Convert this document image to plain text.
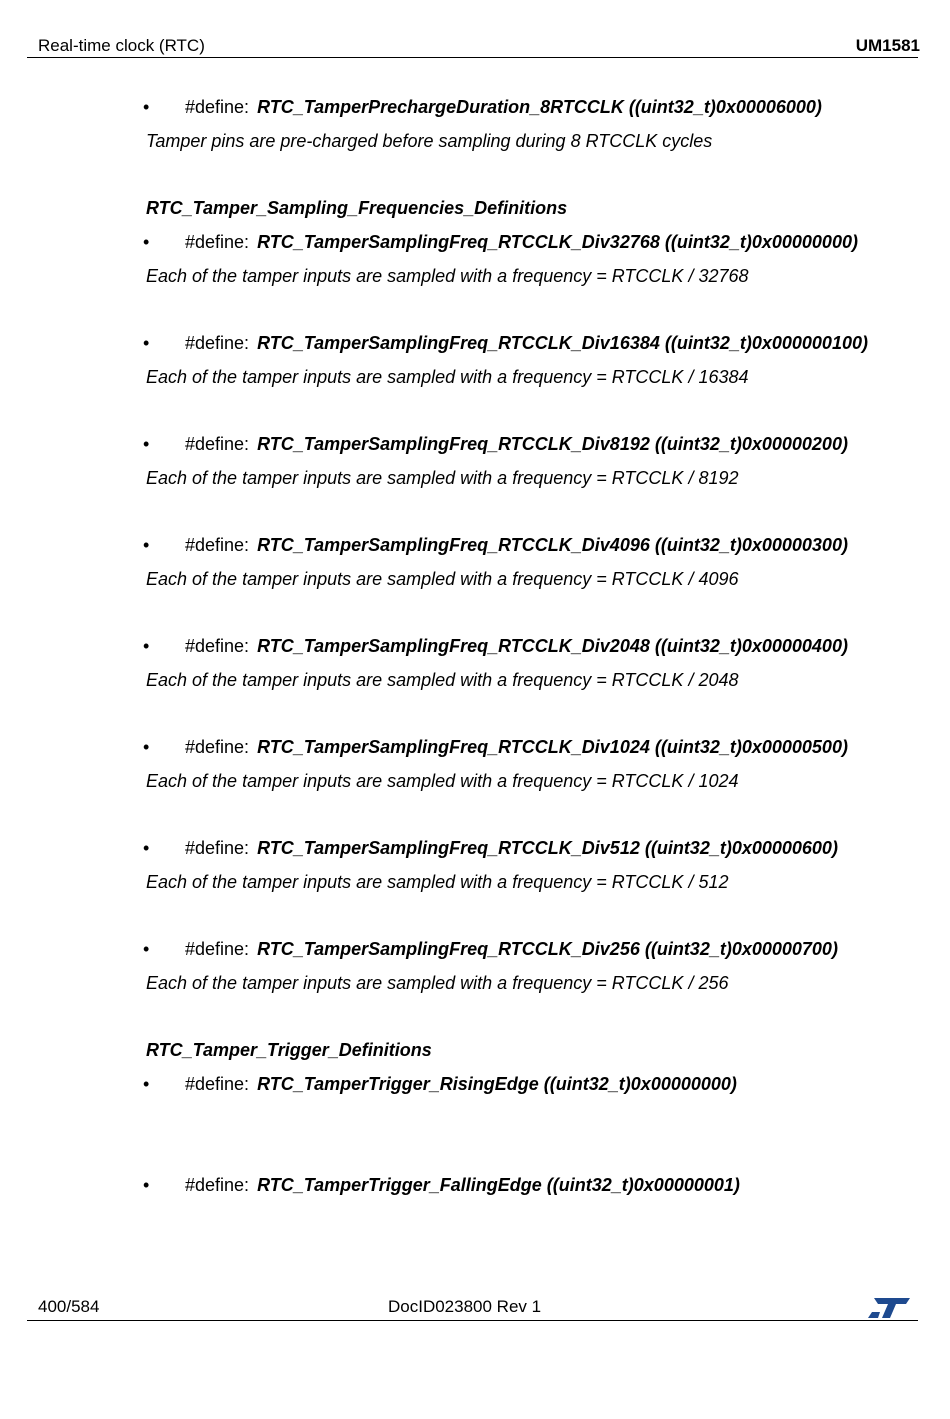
Real-time clock (RTC)	UM1581
• #define: RTC_TamperPrechargeDuration_8RTCCLK ((uint32_t)0x00006000)
Tamper pins are pre-charged before sampling during 8 RTCCLK cycles
RTC_Tamper_Sampling_Frequencies_Definitions
• #define: RTC_TamperSamplingFreq_RTCCLK_Div32768 ((uint32_t)0x00000000)
Each of the tamper inputs are sampled with a frequency = RTCCLK / 32768
• #define: RTC_TamperSamplingFreq_RTCCLK_Div16384 ((uint32_t)0x000000100)
Each of the tamper inputs are sampled with a frequency = RTCCLK / 16384
• #define: RTC_TamperSamplingFreq_RTCCLK_Div8192 ((uint32_t)0x00000200)
Each of the tamper inputs are sampled with a frequency = RTCCLK / 8192
• #define: RTC_TamperSamplingFreq_RTCCLK_Div4096 ((uint32_t)0x00000300)
Each of the tamper inputs are sampled with a frequency = RTCCLK / 4096
• #define: RTC_TamperSamplingFreq_RTCCLK_Div2048 ((uint32_t)0x00000400)
Each of the tamper inputs are sampled with a frequency = RTCCLK / 2048
• #define: RTC_TamperSamplingFreq_RTCCLK_Div1024 ((uint32_t)0x00000500)
Each of the tamper inputs are sampled with a frequency = RTCCLK / 1024
• #define: RTC_TamperSamplingFreq_RTCCLK_Div512 ((uint32_t)0x00000600)
Each of the tamper inputs are sampled with a frequency = RTCCLK / 512
• #define: RTC_TamperSamplingFreq_RTCCLK_Div256 ((uint32_t)0x00000700)
Each of the tamper inputs are sampled with a frequency = RTCCLK / 256
RTC_Tamper_Trigger_Definitions
• #define: RTC_TamperTrigger_RisingEdge ((uint32_t)0x00000000)
• #define: RTC_TamperTrigger_FallingEdge ((uint32_t)0x00000001)
400/584	DocID023800 Rev 1
